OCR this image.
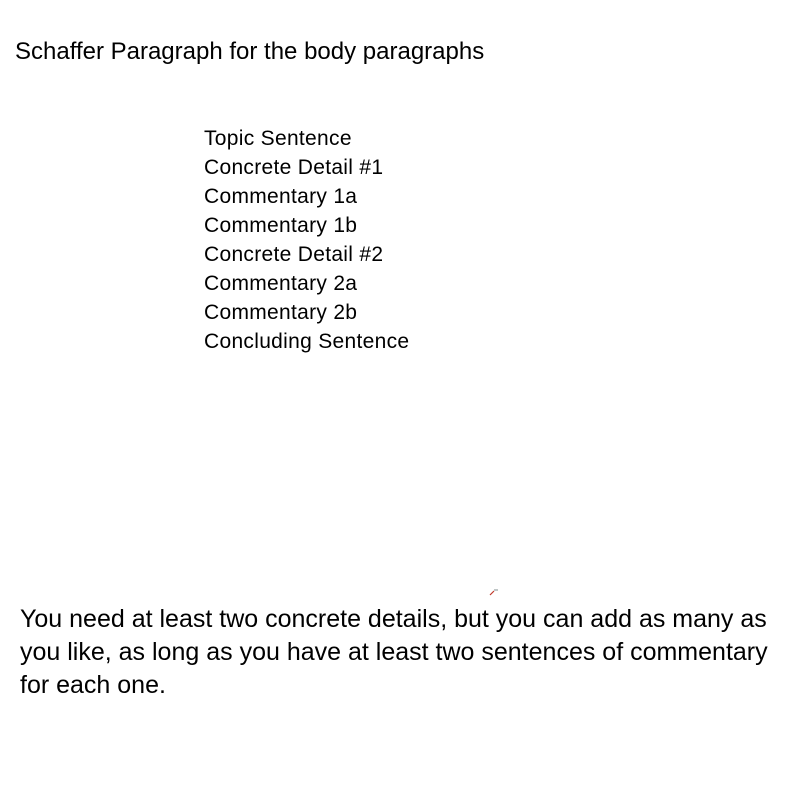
Schaffer Paragraph for the body paragraphs
Topic Sentence
Concrete Detail #1
Commentary 1a
Commentary 1b
Concrete Detail #2
Commentary 2a
Commentary 2b
Concluding Sentence

You need at least two concrete details, but you can add as many as you like, as long as you have at least two sentences of commentary for each one.
